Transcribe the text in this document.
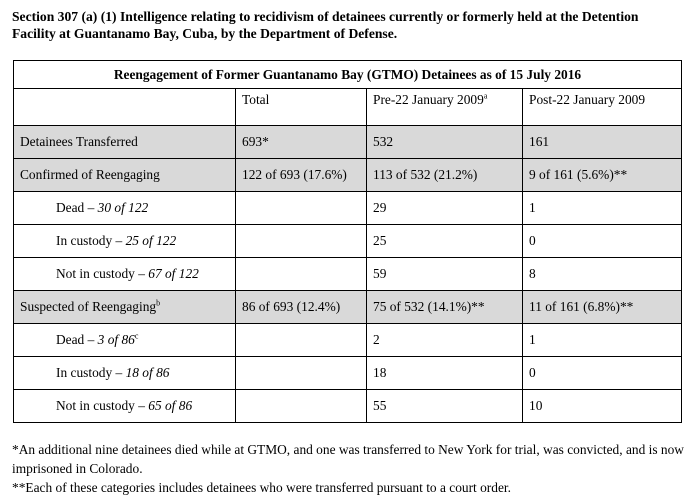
Section 307 (a) (1) Intelligence relating to recidivism of detainees currently or formerly held at the Detention Facility at Guantanamo Bay, Cuba, by the Department of Defense.
Reengagement of Former Guantanamo Bay (GTMO) Detainees as of 15 July 2016			
	Total	Pre-22 January 2009$^a$	Post-22 January 2009
Detainees Transferred	693*	532	161
Confirmed of Reengaging	122 of 693 (17.6%)	113 of 532 (21.2%)	9 of 161 (5.6%)**
Dead – 30 of 122		29	1
In custody – 25 of 122		25	0
Not in custody – 67 of 122		59	8
Suspected of Reengaging$^b$	86 of 693 (12.4%)	75 of 532 (14.1%)**	11 of 161 (6.8%)**
Dead – 3 of 86$^c$		2	1
In custody – 18 of 86		18	0
Not in custody – 65 of 86		55	10
*An additional nine detainees died while at GTMO, and one was transferred to New York for trial, was convicted, and is now imprisoned in Colorado.
**Each of these categories includes detainees who were transferred pursuant to a court order.
